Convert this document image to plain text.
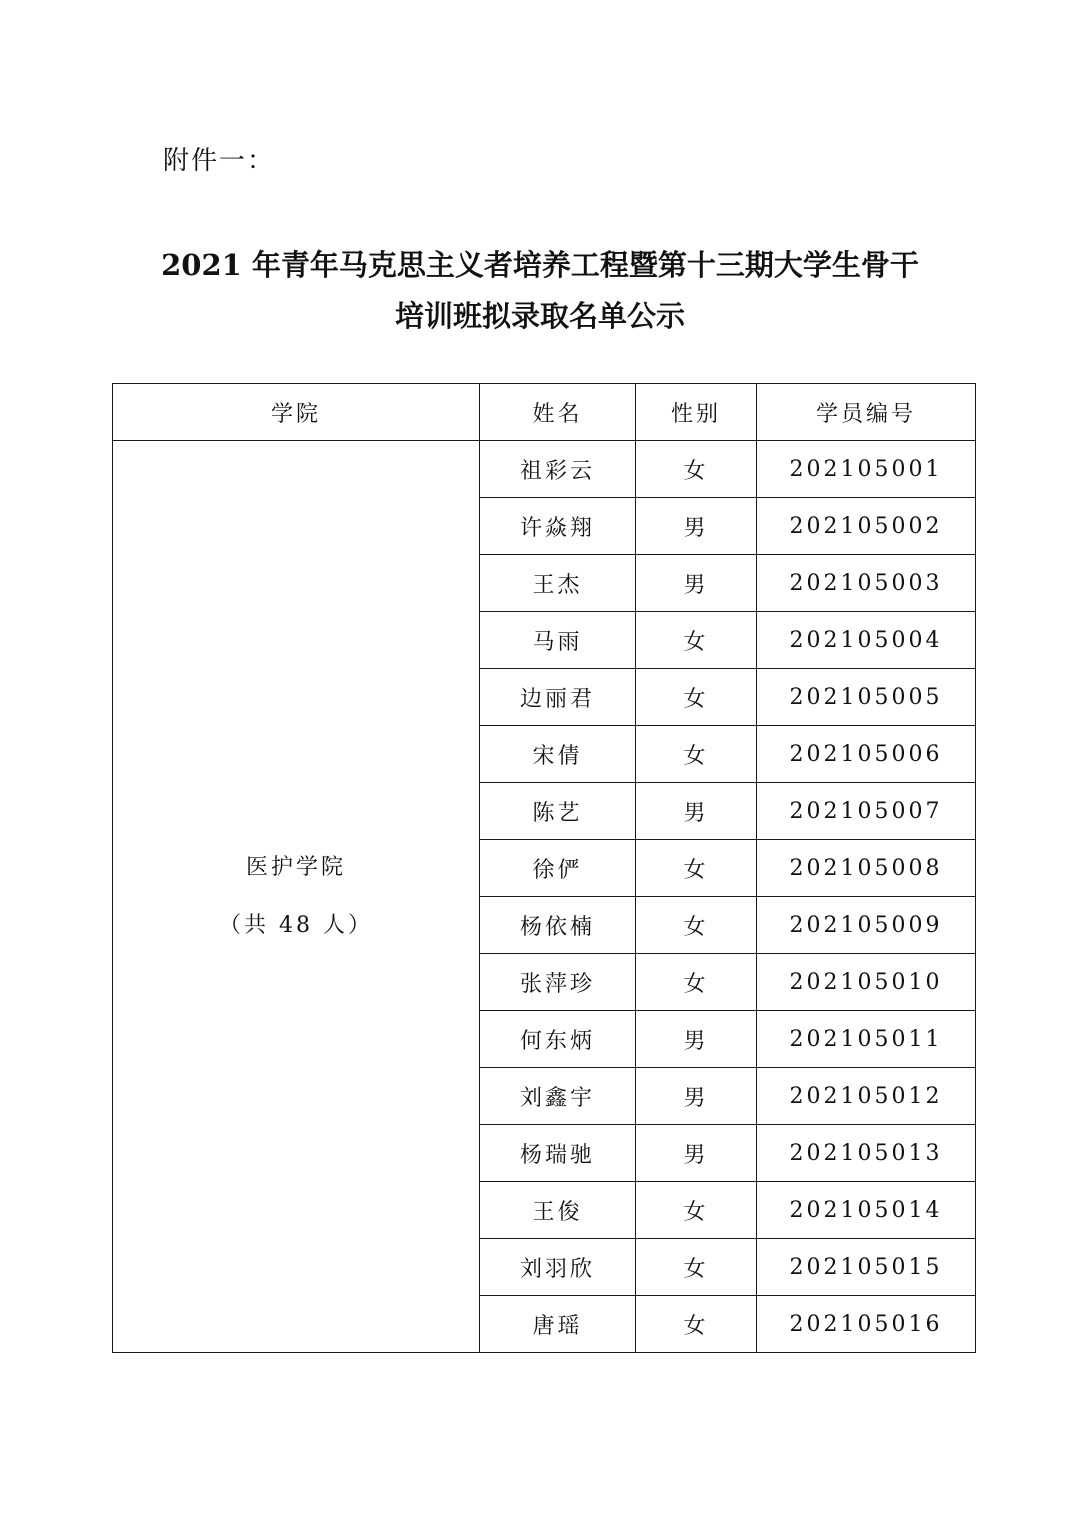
附件一：
2021 年青年马克思主义者培养工程暨第十三期大学生骨干
培训班拟录取名单公示
学院	姓名	性别	学员编号

医护学院
（共 48 人）	祖彩云	女	202105001
	许焱翔	男	202105002
	王杰	男	202105003
	马雨	女	202105004
	边丽君	女	202105005
	宋倩	女	202105006
	陈艺	男	202105007
	徐俨	女	202105008
	杨依楠	女	202105009
	张萍珍	女	202105010
	何东炳	男	202105011
	刘鑫宇	男	202105012
	杨瑞驰	男	202105013
	王俊	女	202105014
	刘羽欣	女	202105015
	唐瑶	女	202105016
